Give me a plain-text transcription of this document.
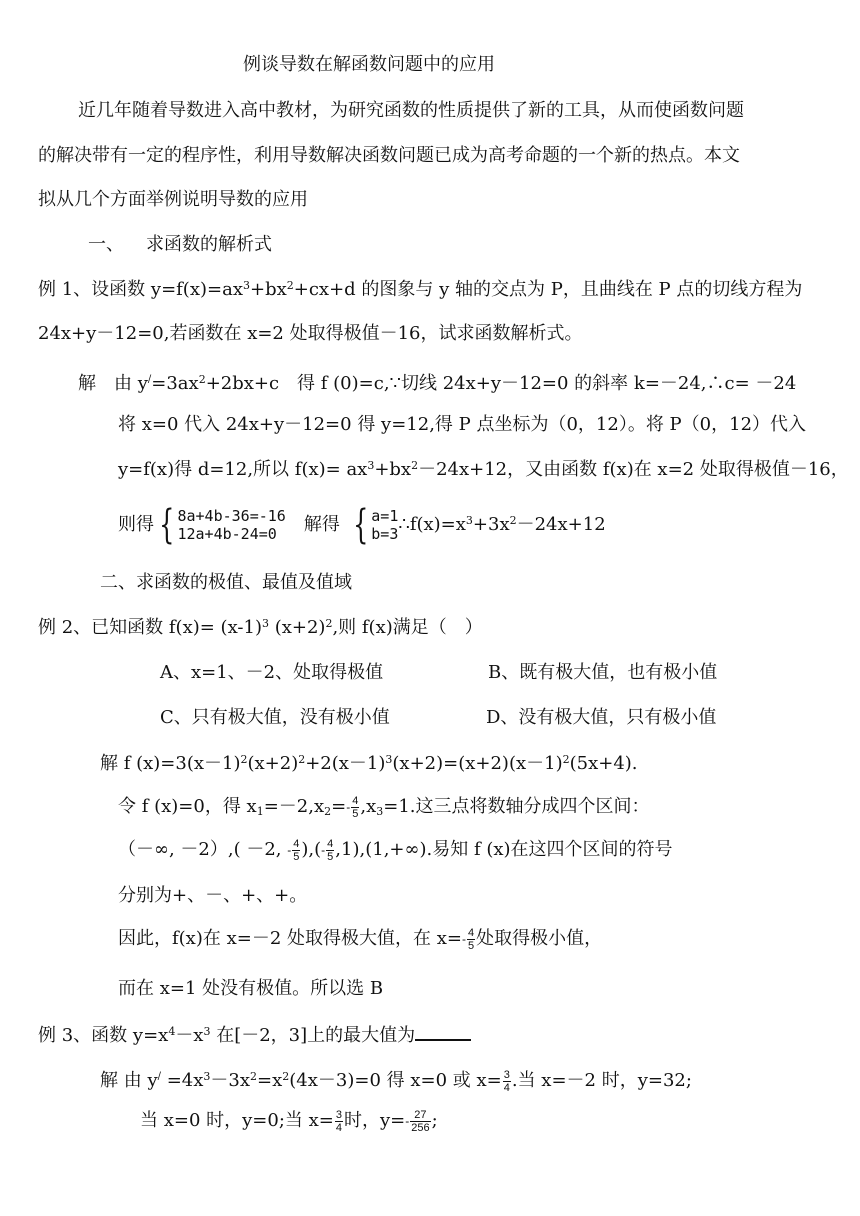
例谈导数在解函数问题中的应用
近几年随着导数进入高中教材，为研究函数的性质提供了新的工具，从而使函数问题
的解决带有一定的程序性，利用导数解决函数问题已成为高考命题的一个新的热点。本文
拟从几个方面举例说明导数的应用
一、 求函数的解析式
例 1、设函数 $y=f(x)=ax^3+bx^2+cx+d$ 的图象与 y 轴的交点为 P，且曲线在 P 点的切线方程为
24x+y－12=0,若函数在 x=2 处取得极值－16，试求函数解析式。
解　由 $y^/=3ax^2+2bx+c$　得 f (0)=c,∵切线 24x+y－12=0 的斜率 k=－24,∴c= －24
将 x=0 代入 24x+y－12=0 得 y=12,得 P 点坐标为（0，12）。将 P（0，12）代入
y=f(x)得 d=12,所以 $f(x)= ax^3+bx^2-24x+12$，又由函数 f(x)在 x=2 处取得极值－16，
则得 { 8a+4b-36=-16
12a+4b-24=0	解得 { a=1
b=3 $\therefore f(x)=x^3+3x^2-24x+12$
二、求函数的极值、最值及值域
例 2、已知函数 $f(x)= (x-1)^3$ $(x+2)^2$,则 f(x)满足（　）
A、x=1、－2、处取得极值	B、既有极大值，也有极小值
C、只有极大值，没有极小值	D、没有极大值，只有极小值
解 f $(x)=3(x-1)^2(x+2)^2+2(x-1)^3(x+2)=(x+2)(x-1)^2(5x+4)$.
令 f (x)=0，得 $x_1=-2,x_2=- \frac{4}{5} ,x_3=1$.这三点将数轴分成四个区间：
（－∞, －2）,( －2, - $\frac{4}{5}$ ),(- $\frac{4}{5} ,1),(1,+\infty)$.易知 f (x)在这四个区间的符号
分别为+、－、+、+。
因此，f(x)在 x=－2 处取得极大值，在 $x=- \frac{4}{5}$ 处取得极小值，
而在 x=1 处没有极值。所以选 B
例 3、函数 $y=x^4-x^3$ 在[－2，3]上的最大值为
解 由 $y^/ =4x^3-3x^2=x^2(4x-3)=0$ 得 x=0 或 $x= \frac{3}{4}$ .当 x=－2 时，y=32;
当 x=0 时，y=0;当 $x= \frac{3}{4}$ 时，$y=- \frac{27}{256}$ ;
